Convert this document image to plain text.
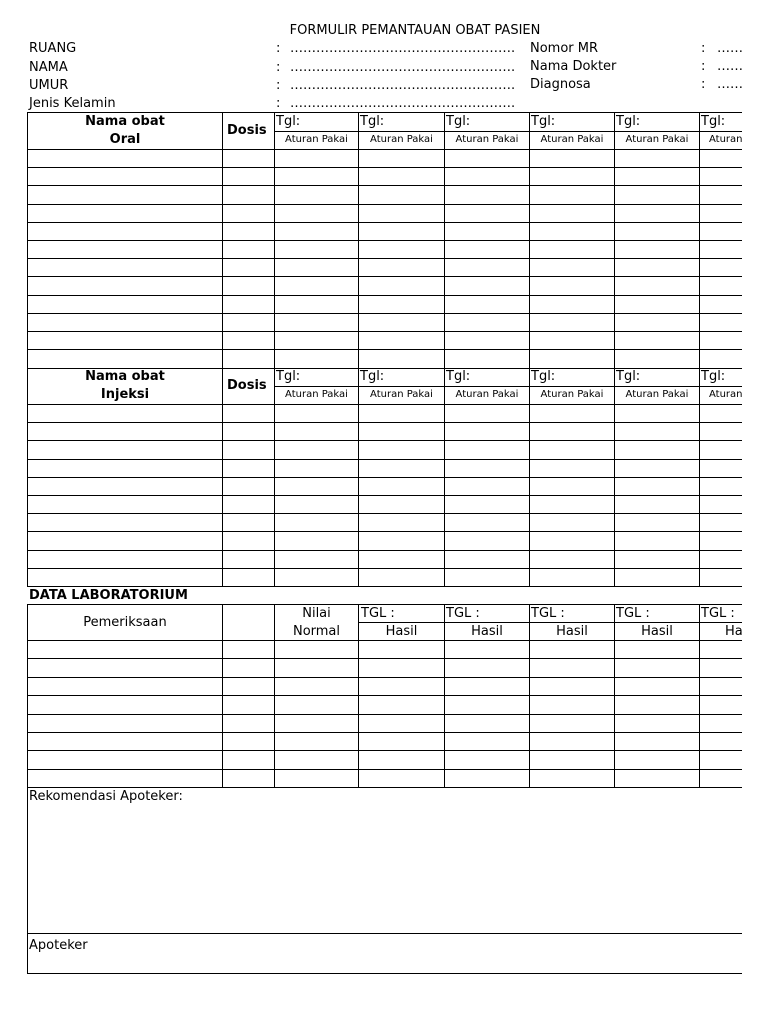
FORMULIR PEMANTAUAN OBAT PASIEN
RUANG	: …………………………………………….
NAMA	: …………………………………………….
UMUR	: …………………………………………….
Jenis Kelamin	: …………………………………………….
Nomor MR	: ……
Nama Dokter	: ……
Diagnosa	: ……
Nama obat
Oral
Dosis
Tgl:	Tgl:	Tgl:	Tgl:	Tgl:	Tgl:
Aturan Pakai	Aturan Pakai	Aturan Pakai	Aturan Pakai	Aturan Pakai	Aturan
Nama obat
Injeksi
Dosis
Tgl:	Tgl:	Tgl:	Tgl:	Tgl:	Tgl:
Aturan Pakai	Aturan Pakai	Aturan Pakai	Aturan Pakai	Aturan Pakai	Aturan
DATA LABORATORIUM
Pemeriksaan
Nilai
Normal
TGL :	TGL :	TGL :	TGL :	TGL :
Hasil	Hasil	Hasil	Hasil	Ha
Rekomendasi Apoteker:
Apoteker
